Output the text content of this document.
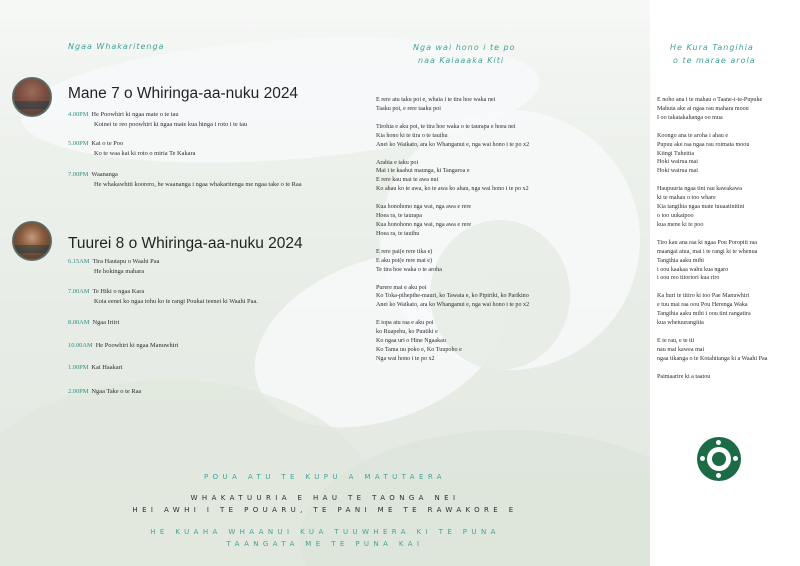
Ngaa Whakaritenga	Nga wai hono i te po
naa Kaiaaaka Kiti
He Kura Tangihia
o te marae arola
Mane 7 o Whiringa-aa-nuku 2024
4.00PM He Poowhiri ki ngaa mate o te tau
Koinei te reo poowhiri ki ngaa mate kua hinga i roto i te tau
5.00PM Kai o te Poo
Ko te waa kai ki roto o miria Te Kakara
7.00PM Waananga
He whakawhiti koorero, he waananga i ngaa whakaritenga me ngaa take o te Raa
Tuurei 8 o Whiringa-aa-nuku 2024
6.15AM Tira Hautapu o Waahi Paa
He hokinga mahara
7.00AM Te Hiki o ngaa Kara
Koia eenei ko ngaa tohu ko te rangi Poukai teenei ki Waahi Paa.
8.00AM Ngaa Iriiri
10.00AM He Poowhiri ki ngaa Manuwhiri
1.00PM Kai Haakari
2.00PM Ngaa Take o te Raa

E rere atu taku poi e, whaia i te tira hoe waka nei
Taaku poi, e rere taaku poi

Tirohia e aku poi, te tira hoe waka o te taurapa e hoea nei
Kia hono ki te tira o te tauihu
Anei ko Waikato, ara ko Whanganui e, nga wai hono i te po x2

Arahia e taku poi
Mai i te kaahui maunga, ki Tangaroa e
E rere kau mai te awa nui
Ko ahau ko te awa, ko te awa ko ahau, nga wai hono i te po x2

Kua honohono nga wai, nga awa e rere
Hoea ra, te taurapa
Kua honohono nga wai, nga awa e rere
Hoea ra, te tauihu

E rere pai(e rere tika e)
E aku poi(e rere mai e)
Te tira hoe waka o te aroha

Purere mai e aku poi
Ko Toka-pihepihe-mauri, ko Tawata e, ko Pipiriki, ko Parikino
Anei ko Waikato, ara ko Whanganui e, nga wai hono i te po x2

E topa atu raa e aku poi
ko Ruapehu, ko Puutiki e
Ko ngaa uri o Hine Ngaakau
Ko Tama uu poko e, Ko Tuupoho e
Nga wai hono i te po x2

E noho ana i te mahau o Taane-i-te-Pupuke
Mahuta ake ai ngaa rau mahara moou
I oo takatakahanga oo mua

Koongo ana te aroha i ahau e
Pupuu ake raa ngaa rau roimata moou
Kiingi Tuheitia
Hoki wairua mai
Hoki wairua mai

Haupuuria ngaa tini rau kawakawa
ki te mahau o too whare
Kia tangihia ngaa mate tuuaatinitini
o too uukaipoo
kua mene ki te poo

Tiro kau ana raa ki ngaa Pou Poropiti raa
maangai atua, mai i te rangi ki te whenua
Tangihia aaku mihi
i oou kaakaa wahu kua ngaro
i oou reo tiioriori kua riro

Ka huri te titiro ki too Pae Manuwhiri
e tuu mai raa oou Pou Herenga Waka
Tangihia aaku mihi i oou tini rangatira
kua whetuurangitia

E te rau, e te tii
nau mai kawea mai
ngaa tikanga o te Kotahitanga ki a Waahi Paa

Paimaarire ki a taatou

POUA ATU TE KUPU A MATUTAERA
WHAKATUURIA E HAU TE TAONGA NEI
HEI AWHI I TE POUARU, TE PANI ME TE RAWAKORE E
HE KUAHA WHAANUI KUA TUUWHERA KI TE PUNA
TAANGATA ME TE PUNA KAI
